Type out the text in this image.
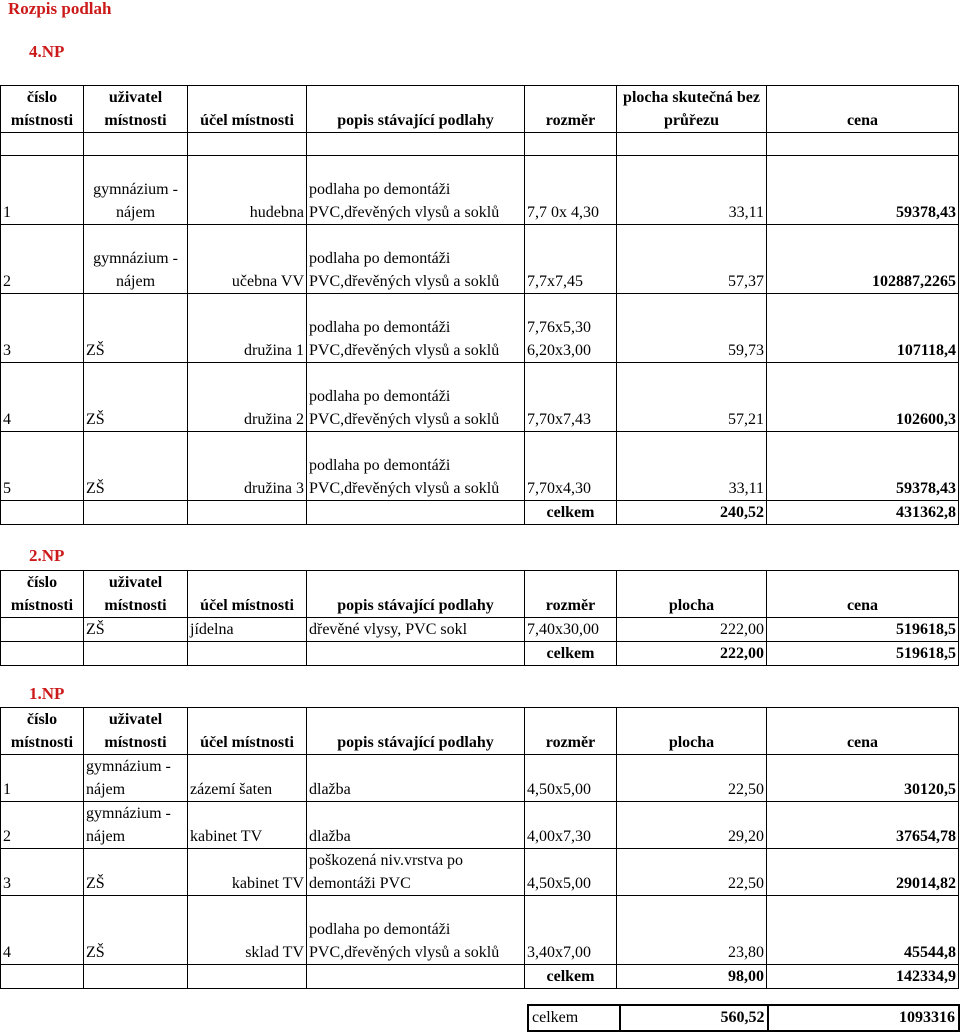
Rozpis podlah
4.NP
číslo místnosti	uživatel místnosti	účel místnosti	popis stávající podlahy	rozměr	plocha skutečná bez průřezu	cena

1	gymnázium - nájem	hudebna	podlaha po demontáži PVC,dřevěných vlysů a soklů	7,7 0x 4,30	33,11	59378,43
2	gymnázium - nájem	učebna VV	podlaha po demontáži PVC,dřevěných vlysů a soklů	7,7x7,45	57,37	102887,2265
3	ZŠ	družina 1	podlaha po demontáži PVC,dřevěných vlysů a soklů	7,76x5,30 6,20x3,00	59,73	107118,4
4	ZŠ	družina 2	podlaha po demontáži PVC,dřevěných vlysů a soklů	7,70x7,43	57,21	102600,3
5	ZŠ	družina 3	podlaha po demontáži PVC,dřevěných vlysů a soklů	7,70x4,30	33,11	59378,43
				celkem	240,52	431362,8
2.NP
číslo místnosti	uživatel místnosti	účel místnosti	popis stávající podlahy	rozměr	plocha	cena
	ZŠ	jídelna	dřevěné vlysy, PVC sokl	7,40x30,00	222,00	519618,5
				celkem	222,00	519618,5
1.NP
číslo místnosti	uživatel místnosti	účel místnosti	popis stávající podlahy	rozměr	plocha	cena
1	gymnázium - nájem	zázemí šaten	dlažba	4,50x5,00	22,50	30120,5
2	gymnázium - nájem	kabinet TV	dlažba	4,00x7,30	29,20	37654,78
3	ZŠ	kabinet TV	poškozená niv.vrstva po demontáži PVC	4,50x5,00	22,50	29014,82
4	ZŠ	sklad TV	podlaha po demontáži PVC,dřevěných vlysů a soklů	3,40x7,00	23,80	45544,8
				celkem	98,00	142334,9
celkem	560,52	1093316
